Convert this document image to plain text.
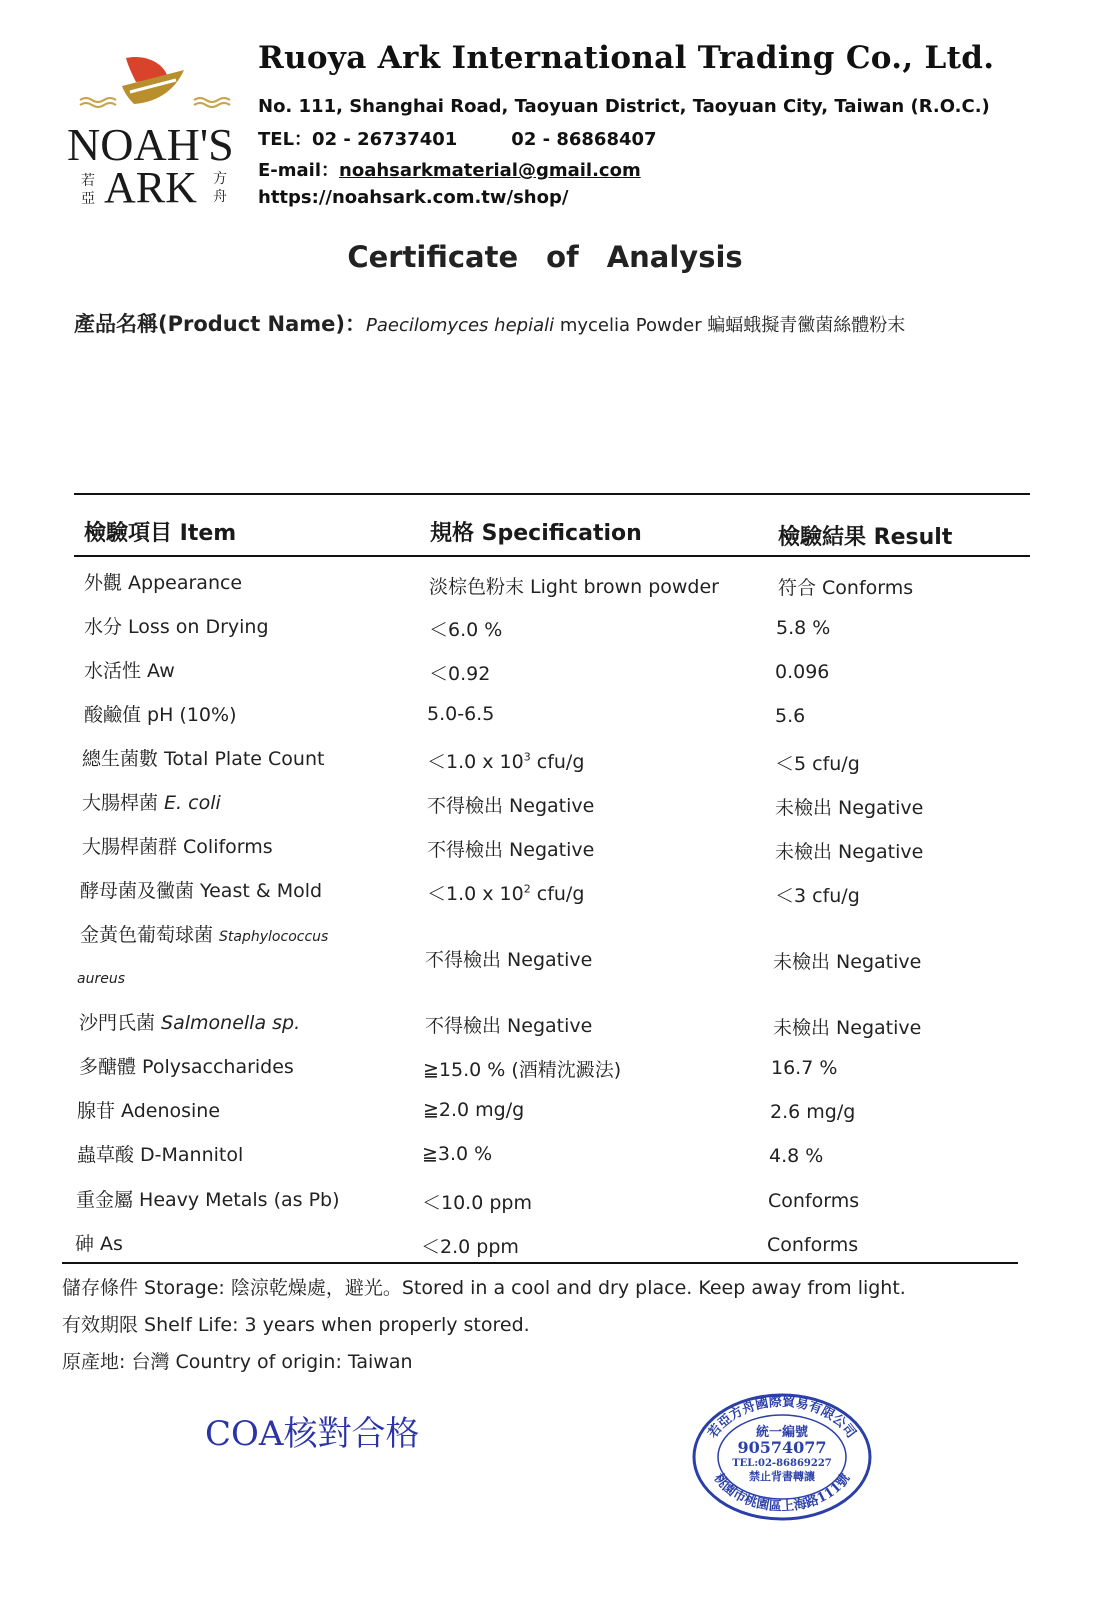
NOAH'S
ARK
若亞
方舟
Ruoya Ark International Trading Co., Ltd.
No. 111, Shanghai Road, Taoyuan District, Taoyuan City, Taiwan (R.O.C.)
TEL：02 - 26737401	02 - 86868407
E-mail：noahsarkmaterial@gmail.com
https://noahsark.com.tw/shop/
Certificate of Analysis
產品名稱(Product Name)：Paecilomyces hepiali mycelia Powder 蝙蝠蛾擬青黴菌絲體粉末
檢驗項目 Item	規格 Specification	檢驗結果 Result
外觀 Appearance	淡棕色粉末 Light brown powder	符合 Conforms
水分 Loss on Drying	＜6.0 %	5.8 %
水活性 Aw	＜0.92	0.096
酸鹼值 pH (10%)	5.0-6.5	5.6
總生菌數 Total Plate Count	＜1.0 x $10^3$ cfu/g	＜5 cfu/g
大腸桿菌 E. coli	不得檢出 Negative	未檢出 Negative
大腸桿菌群 Coliforms	不得檢出 Negative	未檢出 Negative
酵母菌及黴菌 Yeast & Mold	＜1.0 x $10^2$ cfu/g	＜3 cfu/g
金黃色葡萄球菌 Staphylococcus
aureus
不得檢出 Negative	未檢出 Negative
沙門氏菌 Salmonella sp.	不得檢出 Negative	未檢出 Negative
多醣體 Polysaccharides	≧15.0 % (酒精沈澱法)	16.7 %
腺苷 Adenosine	≧2.0 mg/g	2.6 mg/g
蟲草酸 D-Mannitol	≧3.0 %	4.8 %
重金屬 Heavy Metals (as Pb)	＜10.0 ppm	Conforms
砷 As	＜2.0 ppm	Conforms
儲存條件 Storage: 陰涼乾燥處，避光。Stored in a cool and dry place. Keep away from light.
有效期限 Shelf Life: 3 years when properly stored.
原產地: 台灣 Country of origin: Taiwan
COA核對合格	若亞方舟國際貿易有限公司
桃園市桃園區上海路111號
統一編號
90574077
TEL:02-86869227
禁止背書轉讓
